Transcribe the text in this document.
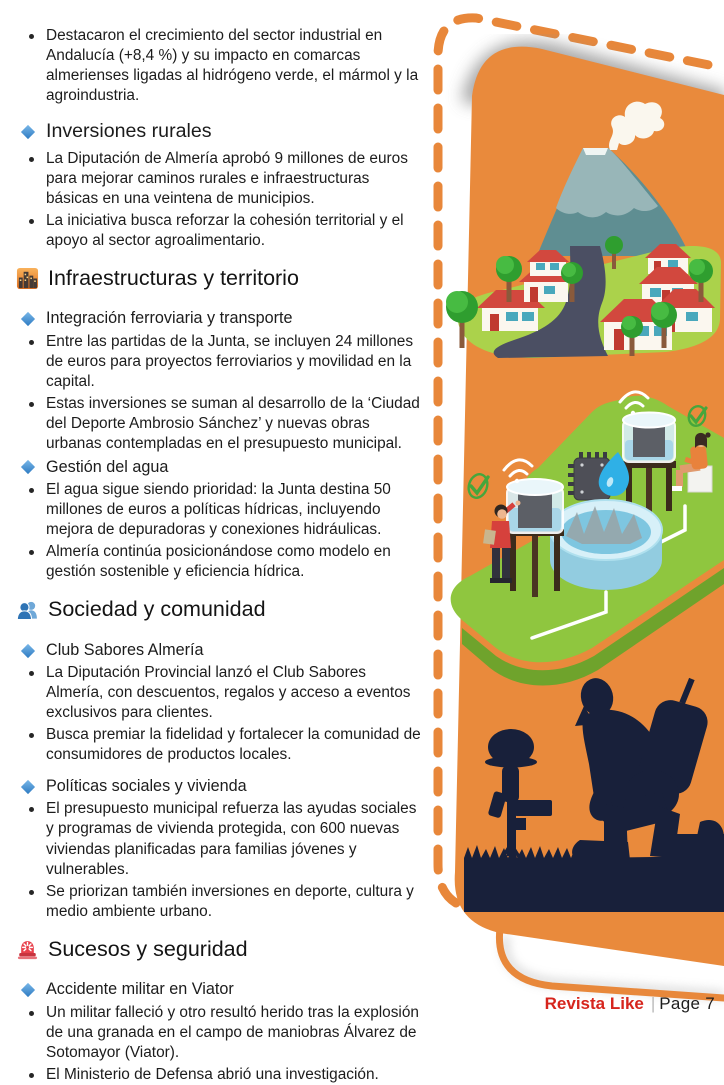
Destacaron el crecimiento del sector industrial en Andalucía (+8,4 %) y su impacto en comarcas almerienses ligadas al hidrógeno verde, el mármol y la agroindustria.

Inversiones rurales

La Diputación de Almería aprobó 9 millones de euros para mejorar caminos rurales e infraestructuras básicas en una veintena de municipios.

La iniciativa busca reforzar la cohesión territorial y el apoyo al sector agroalimentario.

Infraestructuras y territorio
Integración ferroviaria y transporte

Entre las partidas de la Junta, se incluyen 24 millones de euros para proyectos ferroviarios y movilidad en la capital.

Estas inversiones se suman al desarrollo de la ‘Ciudad del Deporte Ambrosio Sánchez’ y nuevas obras urbanas contempladas en el presupuesto municipal.

Gestión del agua

El agua sigue siendo prioridad: la Junta destina 50 millones de euros a políticas hídricas, incluyendo mejora de depuradoras y conexiones hidráulicas.

Almería continúa posicionándose como modelo en gestión sostenible y eficiencia hídrica.

Sociedad y comunidad
Club Sabores Almería

La Diputación Provincial lanzó el Club Sabores Almería, con descuentos, regalos y acceso a eventos exclusivos para clientes.

Busca premiar la fidelidad y fortalecer la comunidad de consumidores de productos locales.

Políticas sociales y vivienda

El presupuesto municipal refuerza las ayudas sociales y programas de vivienda protegida, con 600 nuevas viviendas planificadas para familias jóvenes y vulnerables.

Se priorizan también inversiones en deporte, cultura y medio ambiente urbano.

Sucesos y seguridad
Accidente militar en Viator

Un militar falleció y otro resultó herido tras la explosión de una granada en el campo de maniobras Álvarez de Sotomayor (Viator).

El Ministerio de Defensa abrió una investigación.

Revista Like | Page 7
